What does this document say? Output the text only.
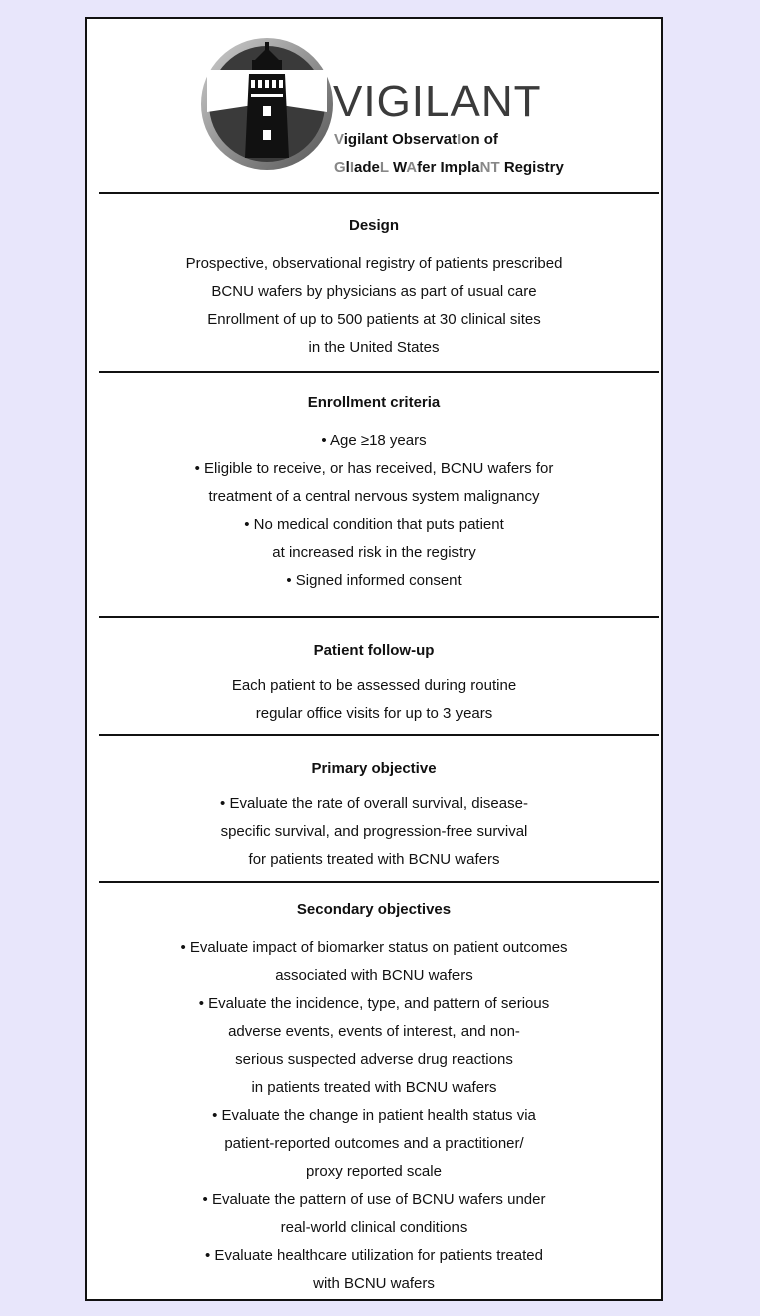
VIGILANT
Vigilant ObservatIon of
GlIadeL WAfer ImplaNT Registry
Design
Prospective, observational registry of patients prescribed
BCNU wafers by physicians as part of usual care
Enrollment of up to 500 patients at 30 clinical sites
in the United States
Enrollment criteria
• Age ≥18 years
• Eligible to receive, or has received, BCNU wafers for
treatment of a central nervous system malignancy
• No medical condition that puts patient
at increased risk in the registry
• Signed informed consent
Patient follow-up
Each patient to be assessed during routine
regular office visits for up to 3 years
Primary objective
• Evaluate the rate of overall survival, disease-
specific survival, and progression-free survival
for patients treated with BCNU wafers
Secondary objectives
• Evaluate impact of biomarker status on patient outcomes
associated with BCNU wafers
• Evaluate the incidence, type, and pattern of serious
adverse events, events of interest, and non-
serious suspected adverse drug reactions
in patients treated with BCNU wafers
• Evaluate the change in patient health status via
patient-reported outcomes and a practitioner/
proxy reported scale
• Evaluate the pattern of use of BCNU wafers under
real-world clinical conditions
• Evaluate healthcare utilization for patients treated
with BCNU wafers
